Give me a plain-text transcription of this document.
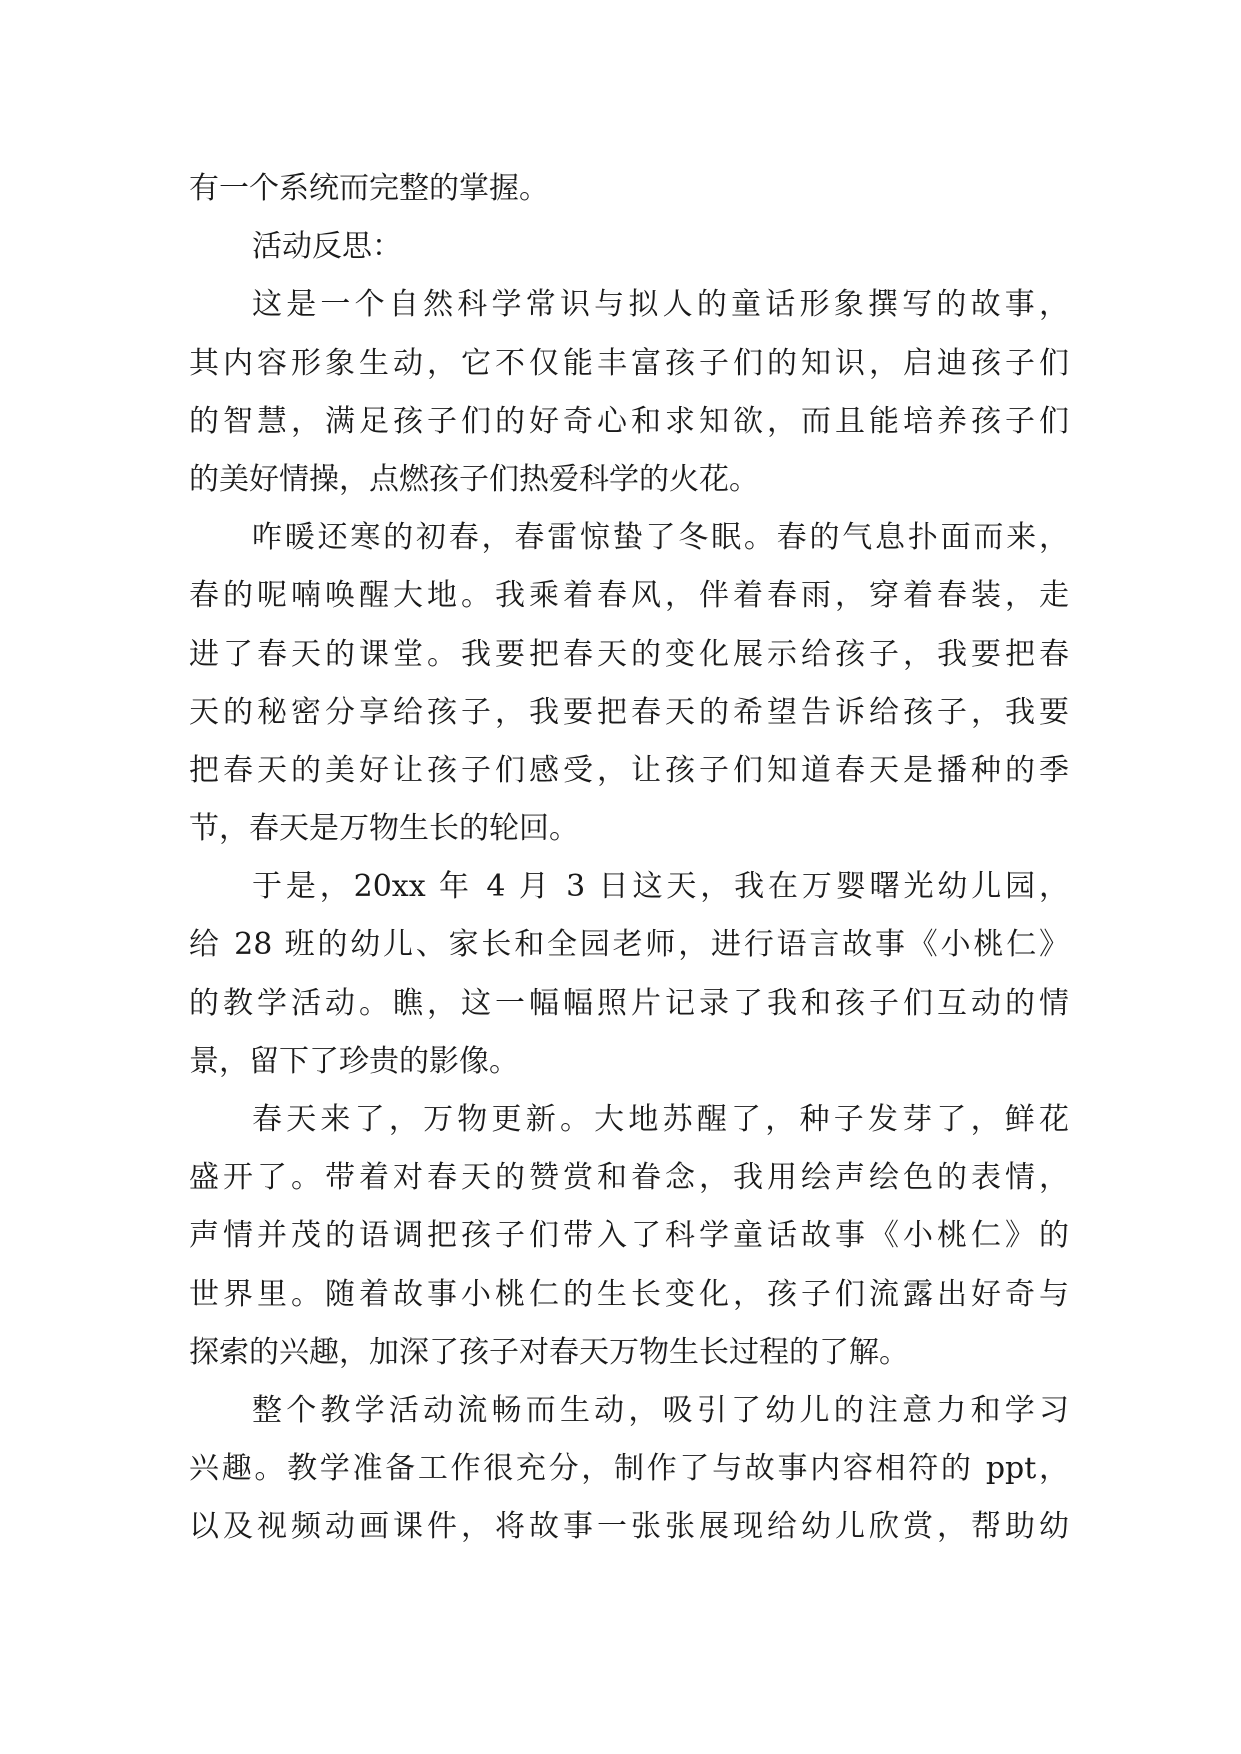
有一个系统而完整的掌握。
活动反思：
这是一个自然科学常识与拟人的童话形象撰写的故事，
其内容形象生动，它不仅能丰富孩子们的知识，启迪孩子们
的智慧，满足孩子们的好奇心和求知欲，而且能培养孩子们
的美好情操，点燃孩子们热爱科学的火花。
咋暖还寒的初春，春雷惊蛰了冬眠。春的气息扑面而来，
春的呢喃唤醒大地。我乘着春风，伴着春雨，穿着春装，走
进了春天的课堂。我要把春天的变化展示给孩子，我要把春
天的秘密分享给孩子，我要把春天的希望告诉给孩子，我要
把春天的美好让孩子们感受，让孩子们知道春天是播种的季
节，春天是万物生长的轮回。
于是，20xx 年 4 月 3 日这天，我在万婴曙光幼儿园，
给 28 班的幼儿、家长和全园老师，进行语言故事《小桃仁》
的教学活动。瞧，这一幅幅照片记录了我和孩子们互动的情
景，留下了珍贵的影像。
春天来了，万物更新。大地苏醒了，种子发芽了，鲜花
盛开了。带着对春天的赞赏和眷念，我用绘声绘色的表情，
声情并茂的语调把孩子们带入了科学童话故事《小桃仁》的
世界里。随着故事小桃仁的生长变化，孩子们流露出好奇与
探索的兴趣，加深了孩子对春天万物生长过程的了解。
整个教学活动流畅而生动，吸引了幼儿的注意力和学习
兴趣。教学准备工作很充分，制作了与故事内容相符的 ppt，
以及视频动画课件，将故事一张张展现给幼儿欣赏，帮助幼
